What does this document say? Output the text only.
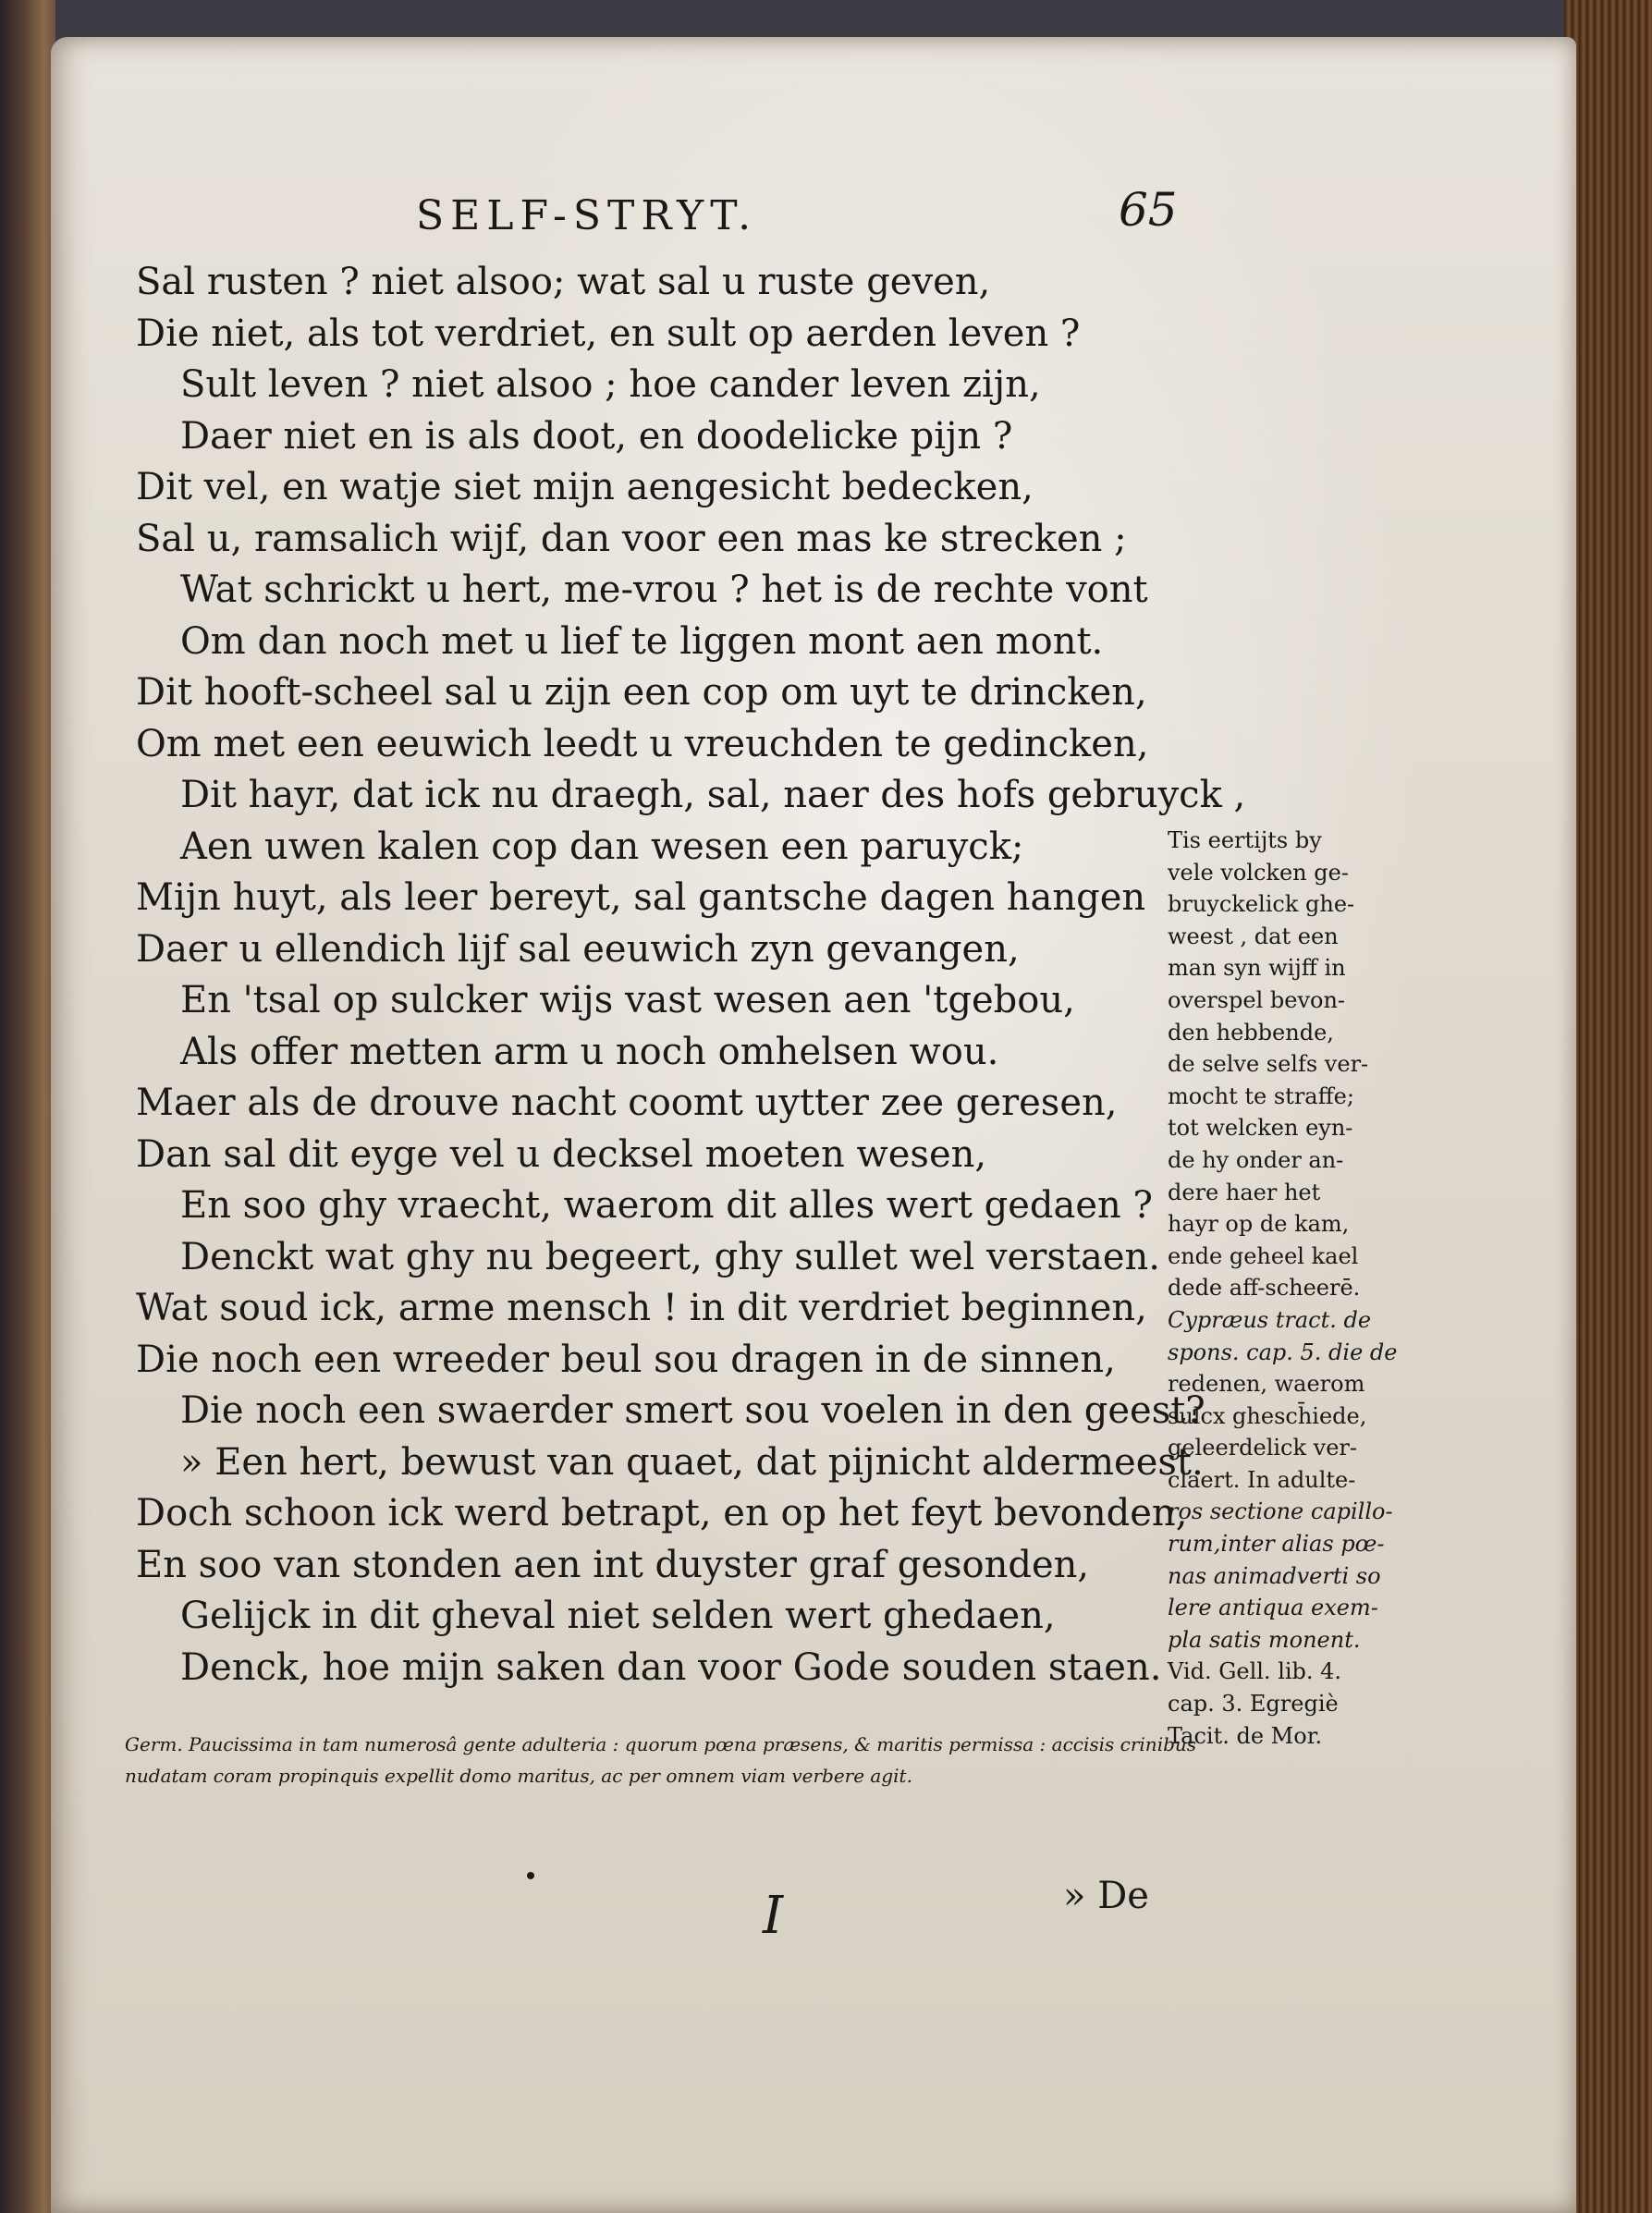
SELF-STRYT.	65
Sal rusten ? niet alsoo; wat sal u ruste geven,
Die niet, als tot verdriet, en sult op aerden leven ?
Sult leven ? niet alsoo ; hoe cander leven zijn,
Daer niet en is als doot, en doodelicke pijn ?
Dit vel, en watje siet mijn aengesicht bedecken,
Sal u, ramsalich wijf, dan voor een mas ke strecken ;
Wat schrickt u hert, me-vrou ? het is de rechte vont
Om dan noch met u lief te liggen mont aen mont.
Dit hooft-scheel sal u zijn een cop om uyt te drincken,
Om met een eeuwich leedt u vreuchden te gedincken,
Dit hayr, dat ick nu draegh, sal, naer des hofs gebruyck ,
Aen uwen kalen cop dan wesen een paruyck;
Mijn huyt, als leer bereyt, sal gantsche dagen hangen
Daer u ellendich lijf sal eeuwich zyn gevangen,
En 'tsal op sulcker wijs vast wesen aen 'tgebou,
Als offer metten arm u noch omhelsen wou.
Maer als de drouve nacht coomt uytter zee geresen,
Dan sal dit eyge vel u decksel moeten wesen,
En soo ghy vraecht, waerom dit alles wert gedaen ?
Denckt wat ghy nu begeert, ghy sullet wel verstaen.
Wat soud ick, arme mensch ! in dit verdriet beginnen,
Die noch een wreeder beul sou dragen in de sinnen,
Die noch een swaerder smert sou voelen in den geest?
» Een hert, bewust van quaet, dat pijnicht aldermeest.
Doch schoon ick werd betrapt, en op het feyt bevonden,
En soo van stonden aen int duyster graf gesonden,
Gelijck in dit gheval niet selden wert ghedaen,
Denck, hoe mijn saken dan voor Gode souden staen.
Tis eertijts by
vele volcken ge-
bruyckelick ghe-
weest , dat een
man syn wijff in
overspel bevon-
den hebbende,
de selve selfs ver-
mocht te straffe;
tot welcken eyn-
de hy onder an-
dere haer het
hayr op de kam,
ende geheel kael
dede aff-scheerē.
Cypræus tract. de
spons. cap. 5. die de
redenen, waerom
sulcx ghesch̄iede,
geleerdelick ver-
claert. In adulte-
ros sectione capillo-
rum,inter alias pœ-
nas animadverti so
lere antiqua exem-
pla satis monent.
Vid. Gell. lib. 4.
cap. 3. Egregiè
Tacit. de Mor.
Germ. Paucissima in tam numerosâ gente adulteria : quorum pœna præsens, & maritis permissa : accisis crinibus
nudatam coram propinquis expellit domo maritus, ac per omnem viam verbere agit.
I	» De
